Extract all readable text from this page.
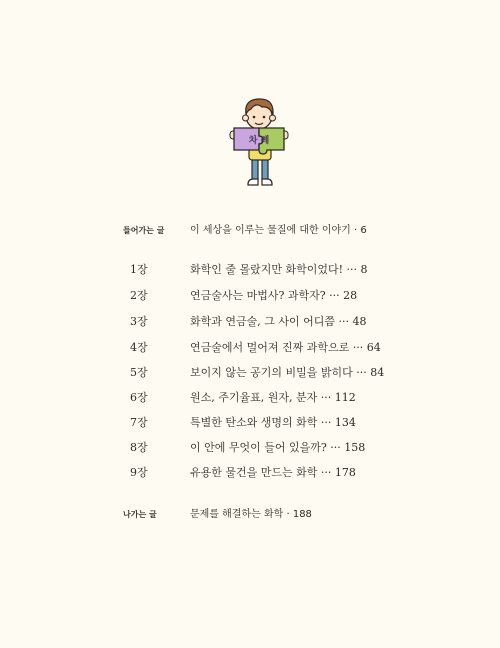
차 례
들어가는 글	이 세상을 이루는 물질에 대한 이야기 · 6
1장	화학인 줄 몰랐지만 화학이었다! ··· 8
2장	연금술사는 마법사? 과학자? ··· 28
3장	화학과 연금술, 그 사이 어디쯤 ··· 48
4장	연금술에서 멀어져 진짜 과학으로 ··· 64
5장	보이지 않는 공기의 비밀을 밝히다 ··· 84
6장	원소, 주기율표, 원자, 분자 ··· 112
7장	특별한 탄소와 생명의 화학 ··· 134
8장	이 안에 무엇이 들어 있을까? ··· 158
9장	유용한 물건을 만드는 화학 ··· 178
나가는 글	문제를 해결하는 화학 · 188
